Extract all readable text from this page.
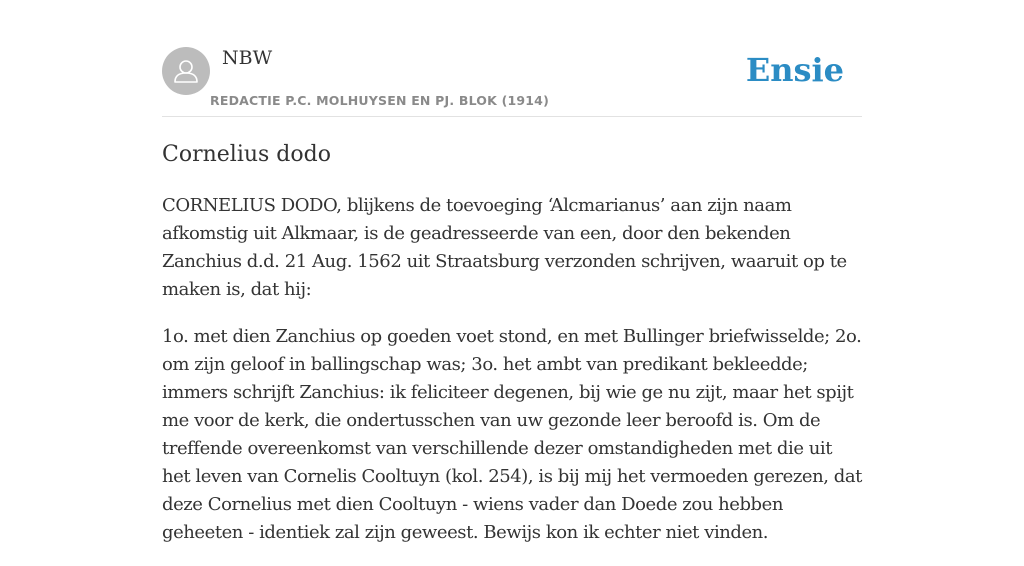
NBW
REDACTIE P.C. MOLHUYSEN EN PJ. BLOK (1914)
Ensie
Cornelius dodo

CORNELIUS DODO, blijkens de toevoeging ‘Alcmarianus’ aan zijn naam afkomstig uit Alkmaar, is de geadresseerde van een, door den bekenden Zanchius d.d. 21 Aug. 1562 uit Straatsburg verzonden schrijven, waaruit op te maken is, dat hij:

1o. met dien Zanchius op goeden voet stond, en met Bullinger briefwisselde; 2o. om zijn geloof in ballingschap was; 3o. het ambt van predikant bekleedde; immers schrijft Zanchius: ik feliciteer degenen, bij wie ge nu zijt, maar het spijt me voor de kerk, die ondertusschen van uw gezonde leer beroofd is. Om de treffende overeenkomst van verschillende dezer omstandigheden met die uit het leven van Cornelis Cooltuyn (kol. 254), is bij mij het vermoeden gerezen, dat deze Cornelius met dien Cooltuyn - wiens vader dan Doede zou hebben geheeten - identiek zal zijn geweest. Bewijs kon ik echter niet vinden.
